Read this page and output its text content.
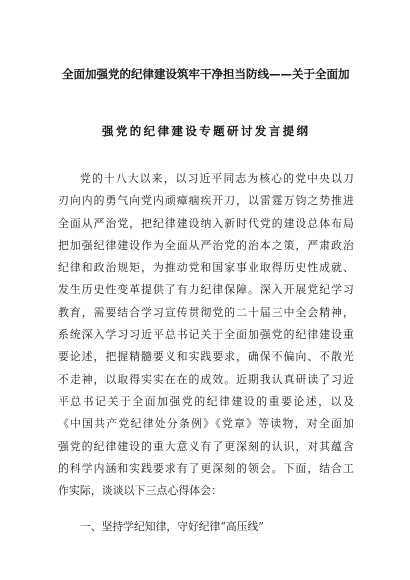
全面加强党的纪律建设筑牢干净担当防线——关于全面加
强党的纪律建设专题研讨发言提纲
党的十八大以来，以习近平同志为核心的党中央以刀
刃向内的勇气向党内顽瘴痼疾开刀，以雷霆万钧之势推进
全面从严治党，把纪律建设纳入新时代党的建设总体布局
把加强纪律建设作为全面从严治党的治本之策，严肃政治
纪律和政治规矩，为推动党和国家事业取得历史性成就、
发生历史性变革提供了有力纪律保障。深入开展党纪学习
教育，需要结合学习宣传贯彻党的二十届三中全会精神，
系统深入学习习近平总书记关于全面加强党的纪律建设重
要论述，把握精髓要义和实践要求，确保不偏向、不散光
不走神，以取得实实在在的成效。近期我认真研读了习近
平总书记关于全面加强党的纪律建设的重要论述，以及
《中国共产党纪律处分条例》《党章》等读物，对全面加
强党的纪律建设的重大意义有了更深刻的认识，对其蕴含
的科学内涵和实践要求有了更深刻的领会。下面，结合工
作实际，谈谈以下三点心得体会：
一、坚持学纪知律，守好纪律“高压线”
